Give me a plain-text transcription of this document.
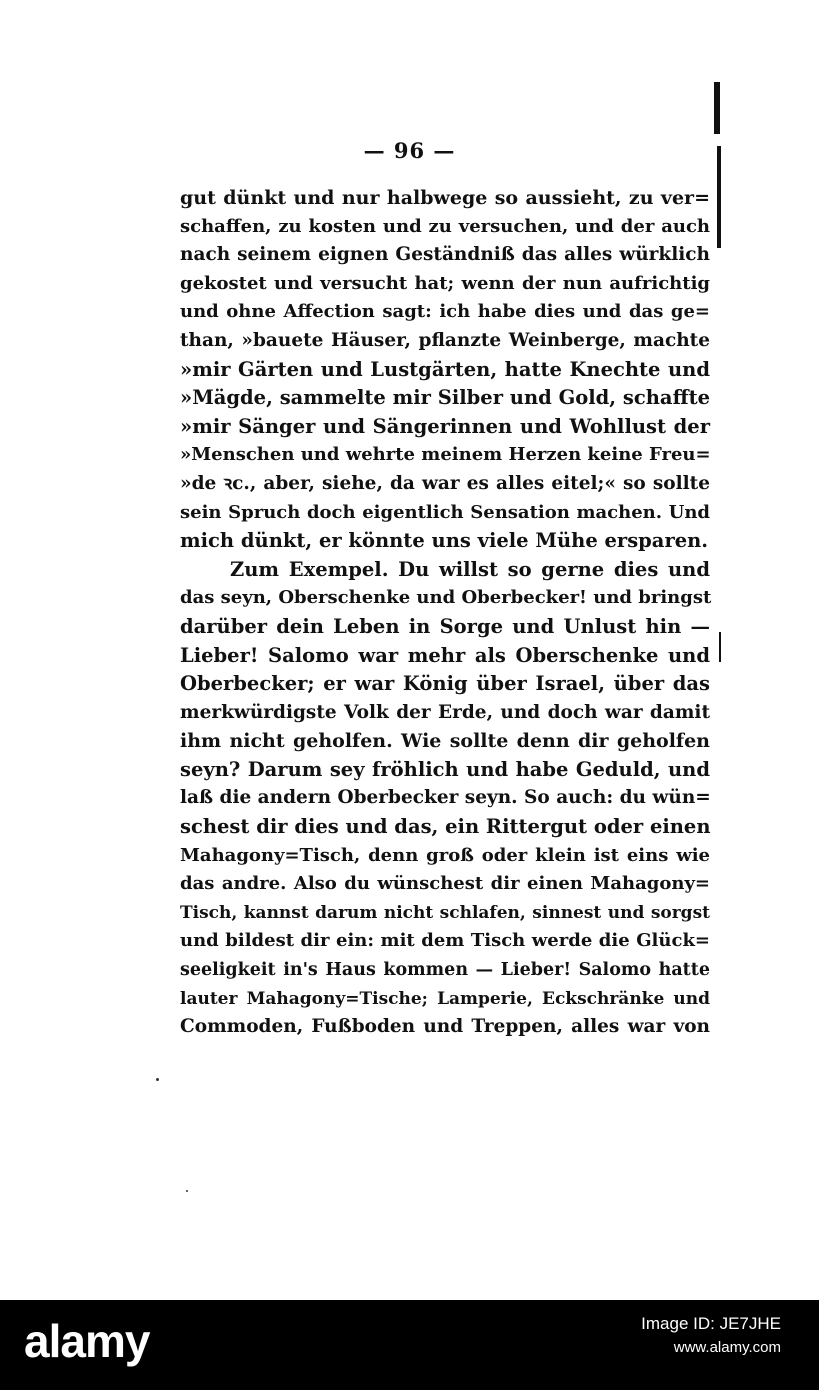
— 96 —
gut dünkt und nur halbwege so aussieht, zu ver=
schaffen, zu kosten und zu versuchen, und der auch
nach seinem eignen Geständniß das alles würklich
gekostet und versucht hat; wenn der nun aufrichtig
und ohne Affection sagt: ich habe dies und das ge=
than, »bauete Häuser, pflanzte Weinberge, machte
»mir Gärten und Lustgärten, hatte Knechte und
»Mägde, sammelte mir Silber und Gold, schaffte
»mir Sänger und Sängerinnen und Wohllust der
»Menschen und wehrte meinem Herzen keine Freu=
»de ꝛc., aber, siehe, da war es alles eitel;« so sollte
sein Spruch doch eigentlich Sensation machen. Und
mich dünkt, er könnte uns viele Mühe ersparen.
Zum Exempel. Du willst so gerne dies und
das seyn, Oberschenke und Oberbecker! und bringst
darüber dein Leben in Sorge und Unlust hin —
Lieber! Salomo war mehr als Oberschenke und
Oberbecker; er war König über Israel, über das
merkwürdigste Volk der Erde, und doch war damit
ihm nicht geholfen. Wie sollte denn dir geholfen
seyn? Darum sey fröhlich und habe Geduld, und
laß die andern Oberbecker seyn. So auch: du wün=
schest dir dies und das, ein Rittergut oder einen
Mahagony=Tisch, denn groß oder klein ist eins wie
das andre. Also du wünschest dir einen Mahagony=
Tisch, kannst darum nicht schlafen, sinnest und sorgst
und bildest dir ein: mit dem Tisch werde die Glück=
seeligkeit in's Haus kommen — Lieber! Salomo hatte
lauter Mahagony=Tische; Lamperie, Eckschränke und
Commoden, Fußboden und Treppen, alles war von
alamy	Image ID: JE7JHE
www.alamy.com
